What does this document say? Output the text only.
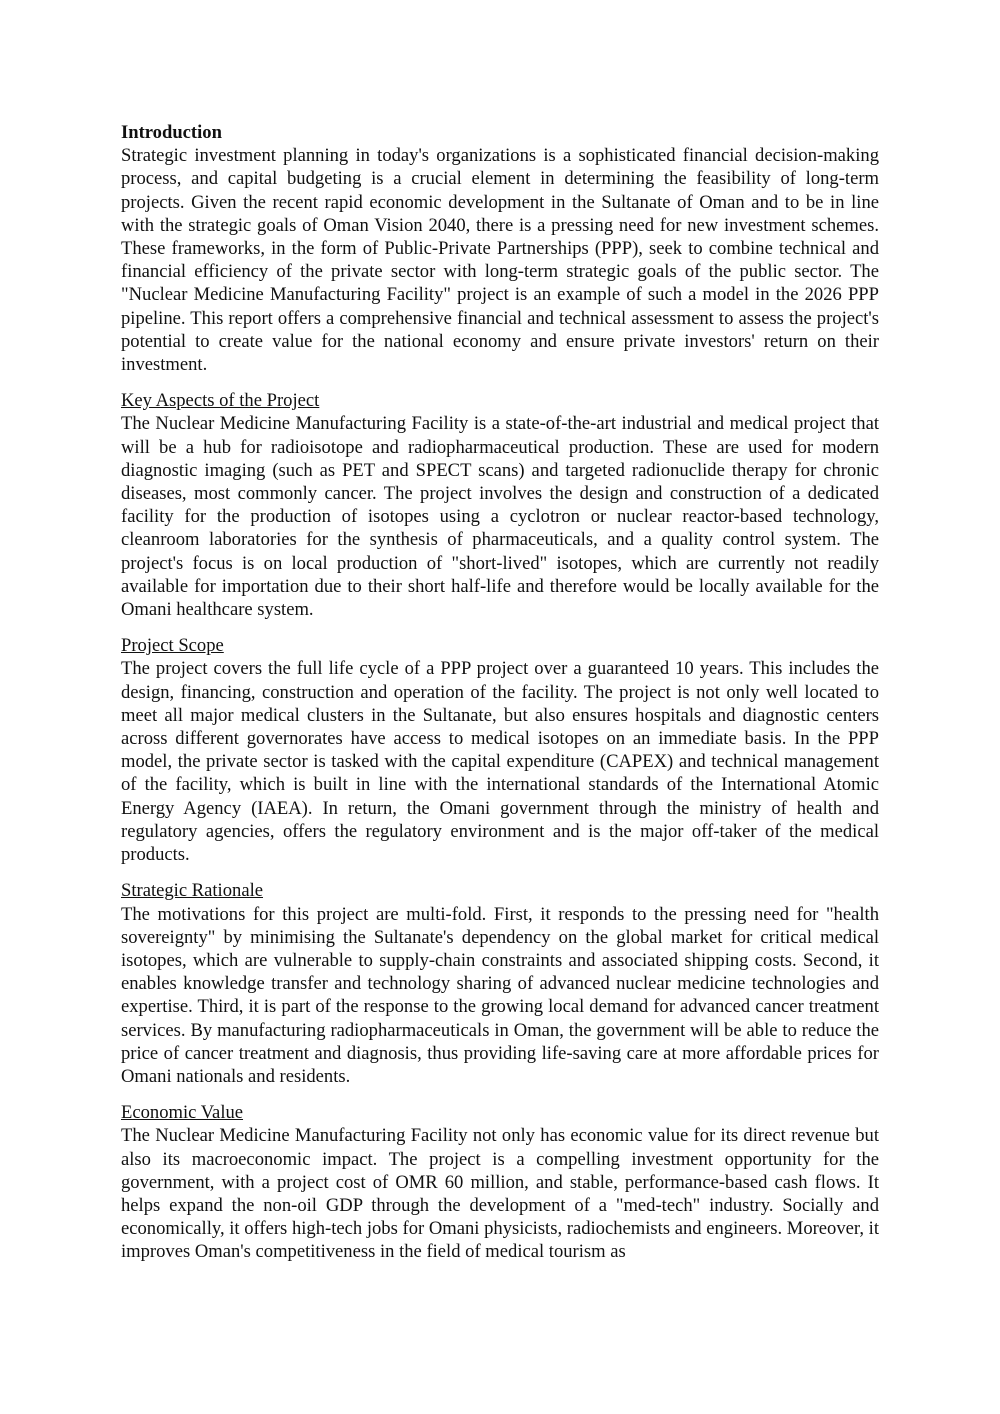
Introduction

Strategic investment planning in today's organizations is a sophisticated financial decision-making process, and capital budgeting is a crucial element in determining the feasibility of long-term projects. Given the recent rapid economic development in the Sultanate of Oman and to be in line with the strategic goals of Oman Vision 2040, there is a pressing need for new investment schemes. These frameworks, in the form of Public-Private Partnerships (PPP), seek to combine technical and financial efficiency of the private sector with long-term strategic goals of the public sector. The "Nuclear Medicine Manufacturing Facility" project is an example of such a model in the 2026 PPP pipeline. This report offers a comprehensive financial and technical assessment to assess the project's potential to create value for the national economy and ensure private investors' return on their investment.

Key Aspects of the Project

The Nuclear Medicine Manufacturing Facility is a state-of-the-art industrial and medical project that will be a hub for radioisotope and radiopharmaceutical production. These are used for modern diagnostic imaging (such as PET and SPECT scans) and targeted radionuclide therapy for chronic diseases, most commonly cancer. The project involves the design and construction of a dedicated facility for the production of isotopes using a cyclotron or nuclear reactor-based technology, cleanroom laboratories for the synthesis of pharmaceuticals, and a quality control system. The project's focus is on local production of "short-lived" isotopes, which are currently not readily available for importation due to their short half-life and therefore would be locally available for the Omani healthcare system.

Project Scope

The project covers the full life cycle of a PPP project over a guaranteed 10 years. This includes the design, financing, construction and operation of the facility. The project is not only well located to meet all major medical clusters in the Sultanate, but also ensures hospitals and diagnostic centers across different governorates have access to medical isotopes on an immediate basis. In the PPP model, the private sector is tasked with the capital expenditure (CAPEX) and technical management of the facility, which is built in line with the international standards of the International Atomic Energy Agency (IAEA). In return, the Omani government through the ministry of health and regulatory agencies, offers the regulatory environment and is the major off-taker of the medical products.

Strategic Rationale

The motivations for this project are multi-fold. First, it responds to the pressing need for "health sovereignty" by minimising the Sultanate's dependency on the global market for critical medical isotopes, which are vulnerable to supply-chain constraints and associated shipping costs. Second, it enables knowledge transfer and technology sharing of advanced nuclear medicine technologies and expertise. Third, it is part of the response to the growing local demand for advanced cancer treatment services. By manufacturing radiopharmaceuticals in Oman, the government will be able to reduce the price of cancer treatment and diagnosis, thus providing life-saving care at more affordable prices for Omani nationals and residents.

Economic Value

The Nuclear Medicine Manufacturing Facility not only has economic value for its direct revenue but also its macroeconomic impact. The project is a compelling investment opportunity for the government, with a project cost of OMR 60 million, and stable, performance-based cash flows. It helps expand the non-oil GDP through the development of a "med-tech" industry. Socially and economically, it offers high-tech jobs for Omani physicists, radiochemists and engineers. Moreover, it improves Oman's competitiveness in the field of medical tourism as
